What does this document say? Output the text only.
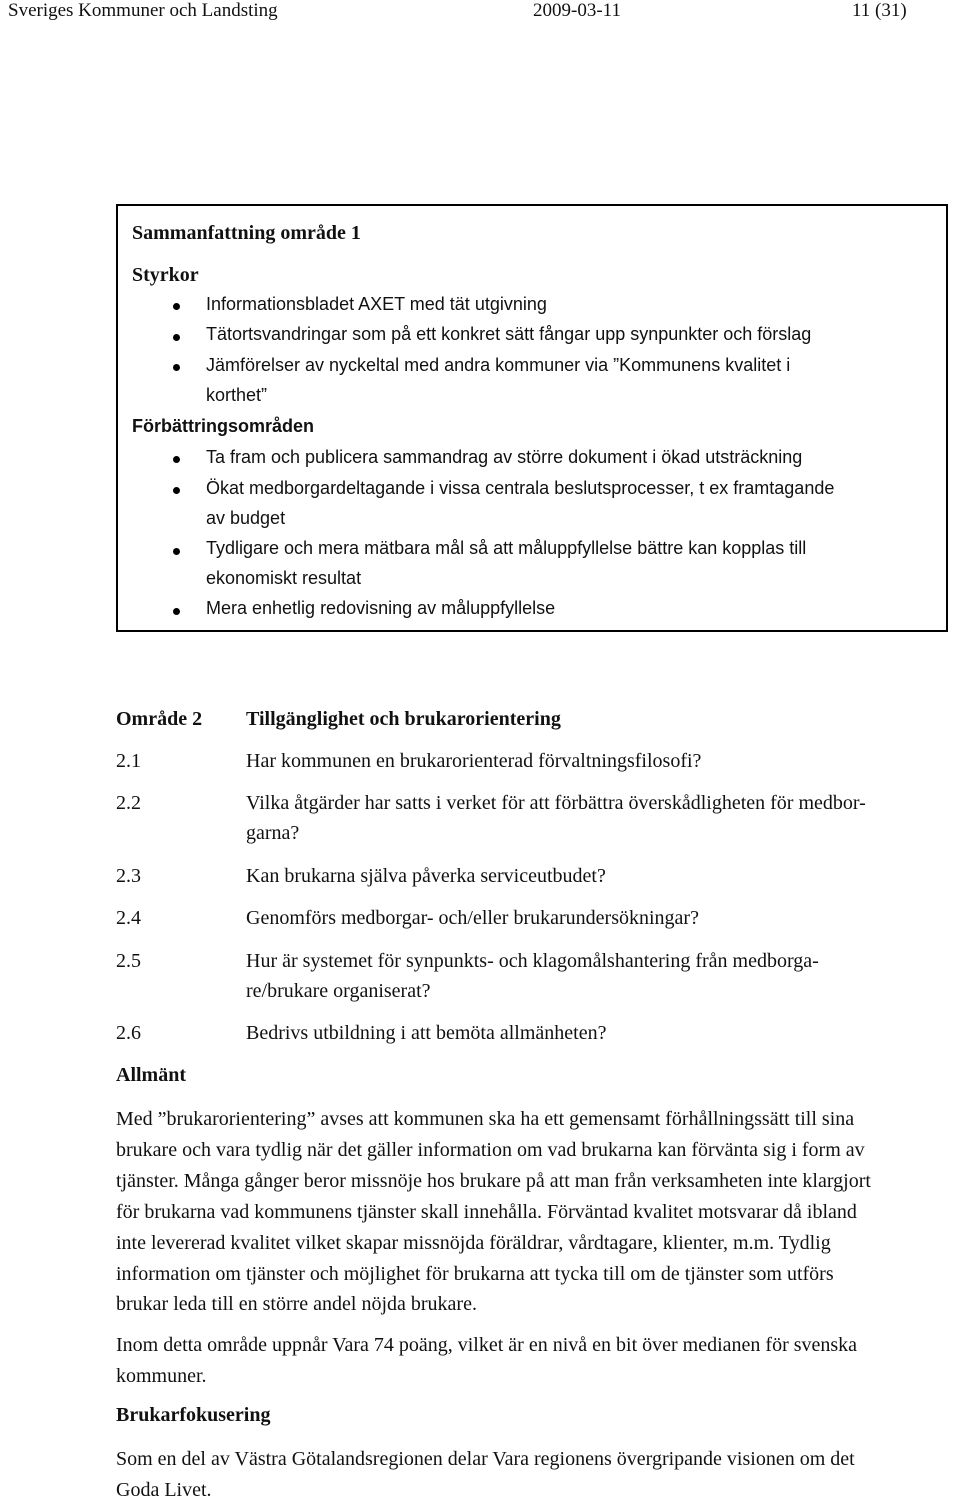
Sveriges Kommuner och Landsting	2009-03-11	11 (31)
Sammanfattning område 1
Styrkor
Informationsbladet AXET med tät utgivning
Tätortsvandringar som på ett konkret sätt fångar upp synpunkter och förslag
Jämförelser av nyckeltal med andra kommuner via ”Kommunens kvalitet i
korthet”
Förbättringsområden
Ta fram och publicera sammandrag av större dokument i ökad utsträckning
Ökat medborgardeltagande i vissa centrala beslutsprocesser, t ex framtagande
av budget
Tydligare och mera mätbara mål så att måluppfyllelse bättre kan kopplas till
ekonomiskt resultat
Mera enhetlig redovisning av måluppfyllelse
Område 2 Tillgänglighet och brukarorientering
2.1	Har kommunen en brukarorienterad förvaltningsfilosofi?
2.2	Vilka åtgärder har satts i verket för att förbättra överskådligheten för medbor-
garna?
2.3	Kan brukarna själva påverka serviceutbudet?
2.4	Genomförs medborgar- och/eller brukarundersökningar?
2.5	Hur är systemet för synpunkts- och klagomålshantering från medborga-
re/brukare organiserat?
2.6	Bedrivs utbildning i att bemöta allmänheten?
Allmänt
Med ”brukarorientering” avses att kommunen ska ha ett gemensamt förhållningssätt till sina
brukare och vara tydlig när det gäller information om vad brukarna kan förvänta sig i form av
tjänster. Många gånger beror missnöje hos brukare på att man från verksamheten inte klargjort
för brukarna vad kommunens tjänster skall innehålla. Förväntad kvalitet motsvarar då ibland
inte levererad kvalitet vilket skapar missnöjda föräldrar, vårdtagare, klienter, m.m. Tydlig
information om tjänster och möjlighet för brukarna att tycka till om de tjänster som utförs
brukar leda till en större andel nöjda brukare.
Inom detta område uppnår Vara 74 poäng, vilket är en nivå en bit över medianen för svenska
kommuner.
Brukarfokusering
Som en del av Västra Götalandsregionen delar Vara regionens övergripande visionen om det
Goda Livet.
